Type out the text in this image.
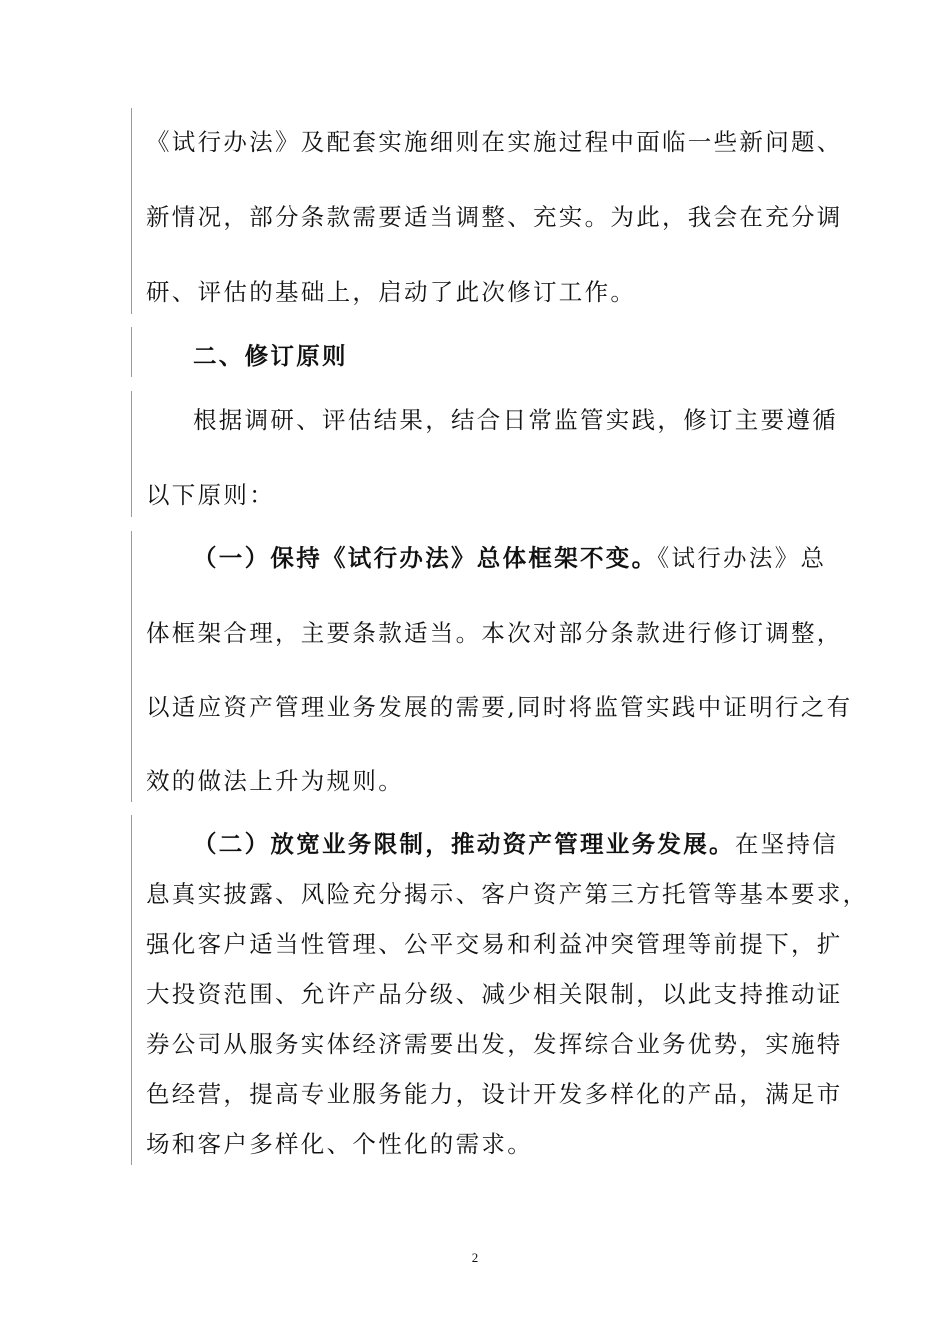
《试行办法》及配套实施细则在实施过程中面临一些新问题、
新情况，部分条款需要适当调整、充实。为此，我会在充分调
研、评估的基础上，启动了此次修订工作。
二、修订原则
根据调研、评估结果，结合日常监管实践，修订主要遵循
以下原则：
（一）保持《试行办法》总体框架不变。《试行办法》总
体框架合理，主要条款适当。本次对部分条款进行修订调整，
以适应资产管理业务发展的需要,同时将监管实践中证明行之有
效的做法上升为规则。
（二）放宽业务限制，推动资产管理业务发展。在坚持信
息真实披露、风险充分揭示、客户资产第三方托管等基本要求，
强化客户适当性管理、公平交易和利益冲突管理等前提下，扩
大投资范围、允许产品分级、减少相关限制，以此支持推动证
券公司从服务实体经济需要出发，发挥综合业务优势，实施特
色经营，提高专业服务能力，设计开发多样化的产品，满足市
场和客户多样化、个性化的需求。
2
